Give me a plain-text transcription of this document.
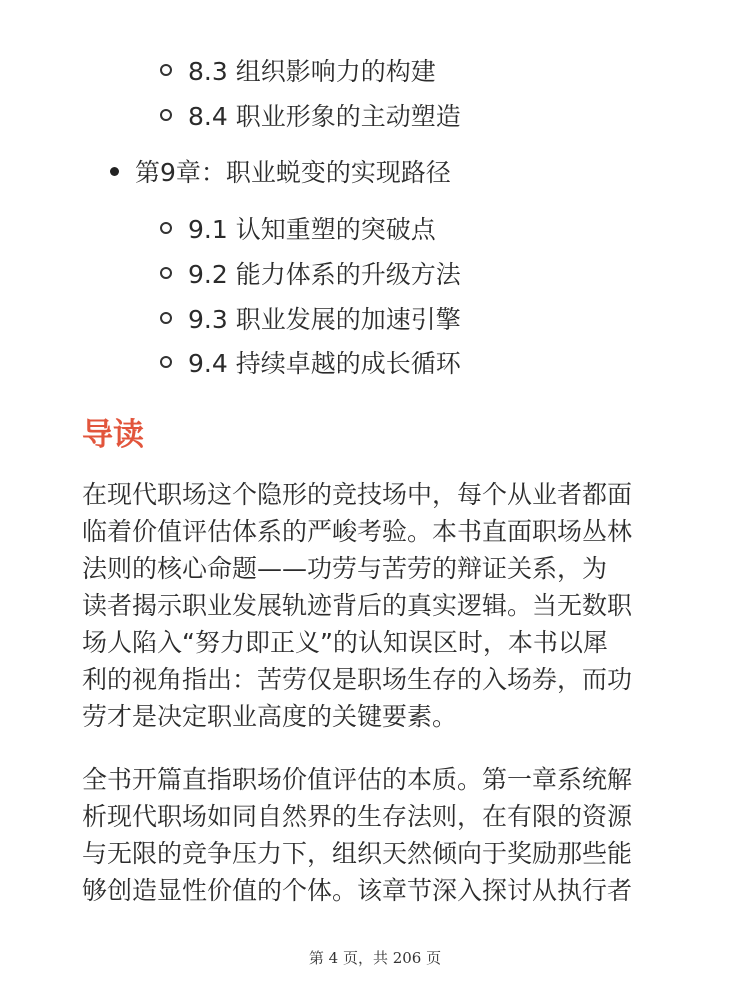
8.3 组织影响力的构建
8.4 职业形象的主动塑造
第9章：职业蜕变的实现路径
9.1 认知重塑的突破点
9.2 能力体系的升级方法
9.3 职业发展的加速引擎
9.4 持续卓越的成长循环
导读

在现代职场这个隐形的竞技场中，每个从业者都面
临着价值评估体系的严峻考验。本书直面职场丛林
法则的核心命题——功劳与苦劳的辩证关系，为
读者揭示职业发展轨迹背后的真实逻辑。当无数职
场人陷入“努力即正义”的认知误区时，本书以犀
利的视角指出：苦劳仅是职场生存的入场券，而功
劳才是决定职业高度的关键要素。

全书开篇直指职场价值评估的本质。第一章系统解
析现代职场如同自然界的生存法则，在有限的资源
与无限的竞争压力下，组织天然倾向于奖励那些能
够创造显性价值的个体。该章节深入探讨从执行者

第 4 页，共 206 页
